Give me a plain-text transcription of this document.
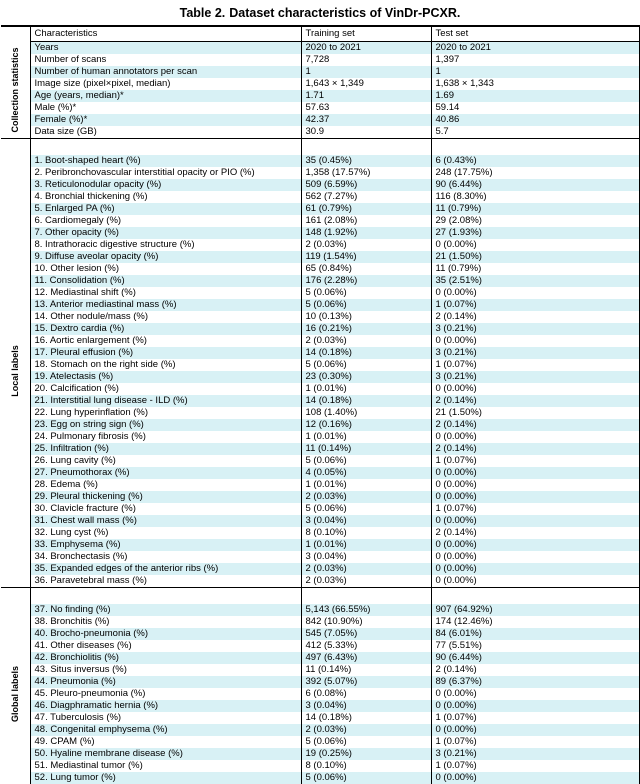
Table 2. Dataset characteristics of VinDr-PCXR.
	Characteristics	Training set	Test set

Collection statistics	Years	2020 to 2021	2020 to 2021
	Number of scans	7,728	1,397
	Number of human annotators per scan	1	1
	Image size (pixel×pixel, median)	1,643 × 1,349	1,638 × 1,343
	Age (years, median)*	1.71	1.69
	Male (%)*	57.63	59.14
	Female (%)*	42.37	40.86
	Data size (GB)	30.9	5.7

Local labels	1. Boot-shaped heart (%)	35 (0.45%)	6 (0.43%)
	2. Peribronchovascular interstitial opacity or PIO (%)	1,358 (17.57%)	248 (17.75%)
	3. Reticulonodular opacity (%)	509 (6.59%)	90 (6.44%)
	4. Bronchial thickening (%)	562 (7.27%)	116 (8.30%)
	5. Enlarged PA (%)	61 (0.79%)	11 (0.79%)
	6. Cardiomegaly (%)	161 (2.08%)	29 (2.08%)
	7. Other opacity (%)	148 (1.92%)	27 (1.93%)
	8. Intrathoracic digestive structure (%)	2 (0.03%)	0 (0.00%)
	9. Diffuse aveolar opacity (%)	119 (1.54%)	21 (1.50%)
	10. Other lesion (%)	65 (0.84%)	11 (0.79%)
	11. Consolidation (%)	176 (2.28%)	35 (2.51%)
	12. Mediastinal shift (%)	5 (0.06%)	0 (0.00%)
	13. Anterior mediastinal mass (%)	5 (0.06%)	1 (0.07%)
	14. Other nodule/mass (%)	10 (0.13%)	2 (0.14%)
	15. Dextro cardia (%)	16 (0.21%)	3 (0.21%)
	16. Aortic enlargement (%)	2 (0.03%)	0 (0.00%)
	17. Pleural effusion (%)	14 (0.18%)	3 (0.21%)
	18. Stomach on the right side (%)	5 (0.06%)	1 (0.07%)
	19. Atelectasis (%)	23 (0.30%)	3 (0.21%)
	20. Calcification (%)	1 (0.01%)	0 (0.00%)
	21. Interstitial lung disease - ILD (%)	14 (0.18%)	2 (0.14%)
	22. Lung hyperinflation (%)	108 (1.40%)	21 (1.50%)
	23. Egg on string sign (%)	12 (0.16%)	2 (0.14%)
	24. Pulmonary fibrosis (%)	1 (0.01%)	0 (0.00%)
	25. Infiltration (%)	11 (0.14%)	2 (0.14%)
	26. Lung cavity (%)	5 (0.06%)	1 (0.07%)
	27. Pneumothorax (%)	4 (0.05%)	0 (0.00%)
	28. Edema (%)	1 (0.01%)	0 (0.00%)
	29. Pleural thickening (%)	2 (0.03%)	0 (0.00%)
	30. Clavicle fracture (%)	5 (0.06%)	1 (0.07%)
	31. Chest wall mass (%)	3 (0.04%)	0 (0.00%)
	32. Lung cyst (%)	8 (0.10%)	2 (0.14%)
	33. Emphysema (%)	1 (0.01%)	0 (0.00%)
	34. Bronchectasis (%)	3 (0.04%)	0 (0.00%)
	35. Expanded edges of the anterior ribs (%)	2 (0.03%)	0 (0.00%)
	36. Paravetebral mass (%)	2 (0.03%)	0 (0.00%)

Global labels	37. No finding (%)	5,143 (66.55%)	907 (64.92%)
	38. Bronchitis (%)	842 (10.90%)	174 (12.46%)
	40. Brocho-pneumonia (%)	545 (7.05%)	84 (6.01%)
	41. Other diseases (%)	412 (5.33%)	77 (5.51%)
	42. Bronchiolitis (%)	497 (6.43%)	90 (6.44%)
	43. Situs inversus (%)	11 (0.14%)	2 (0.14%)
	44. Pneumonia (%)	392 (5.07%)	89 (6.37%)
	45. Pleuro-pneumonia (%)	6 (0.08%)	0 (0.00%)
	46. Diagphramatic hernia (%)	3 (0.04%)	0 (0.00%)
	47. Tuberculosis (%)	14 (0.18%)	1 (0.07%)
	48. Congenital emphysema (%)	2 (0.03%)	0 (0.00%)
	49. CPAM (%)	5 (0.06%)	1 (0.07%)
	50. Hyaline membrane disease (%)	19 (0.25%)	3 (0.21%)
	51. Mediastinal tumor (%)	8 (0.10%)	1 (0.07%)
	52. Lung tumor (%)	5 (0.06%)	0 (0.00%)
